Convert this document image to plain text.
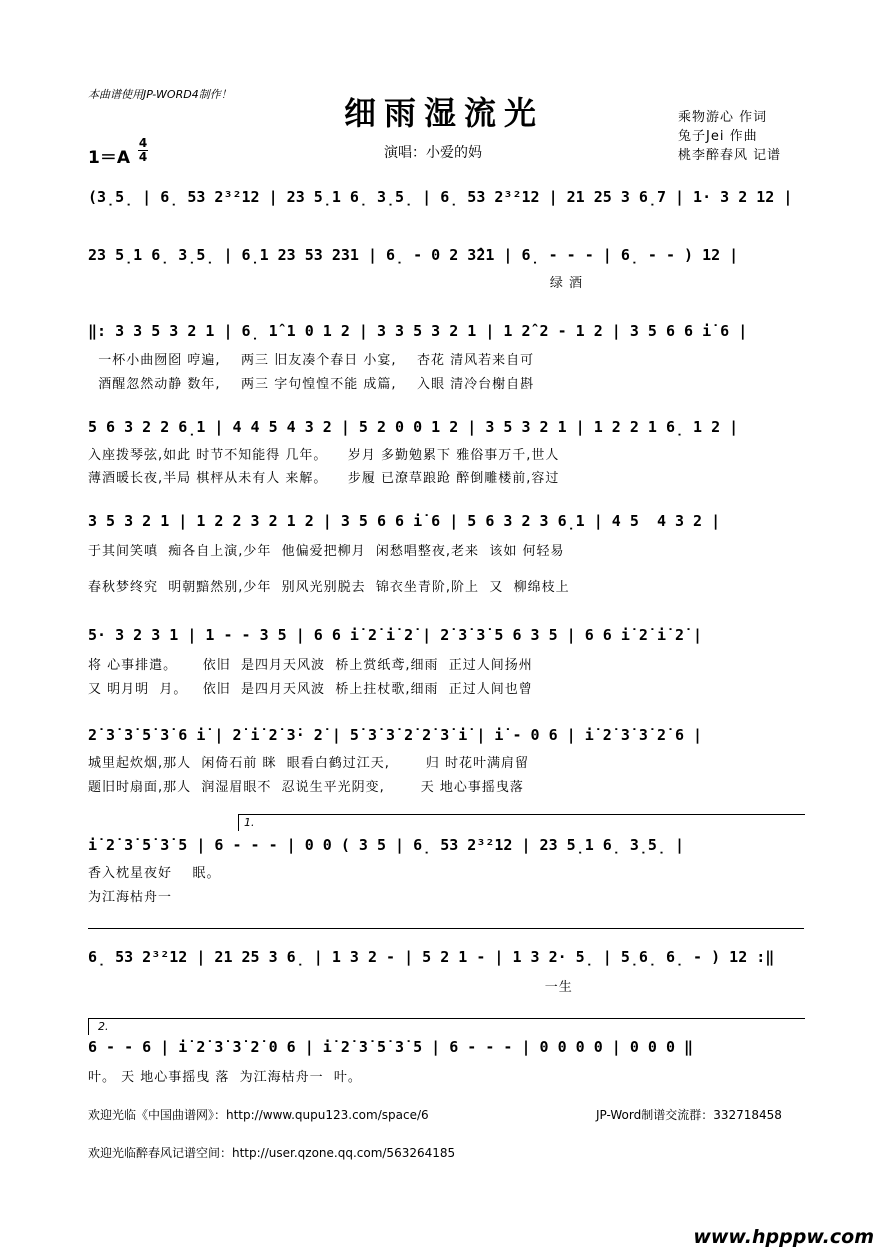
本曲谱使用JP-WORD4制作！	细雨湿流光
1＝A
4
4	演唱：小爱的妈
乘物游心 作词
兔子Jei 作曲
桃李醉春风 记谱
(3̣5̣ | 6̣ 53 2³²12 | 23 5̣1 6̣ 3̣5̣ | 6̣ 53 2³²12 | 21 25 3 6̣7 | 1· 3 2 12 |
23 5̣1 6̣ 3̣5̣ | 6̣1 23 53 231 | 6̣ - 0 2 3̂21 | 6̣ - - - | 6̣ - - ) 12 |
绿 酒
‖: 3 3 5 3 2 1 | 6̣ 1̂ 1 0 1 2 | 3 3 5 3 2 1 | 1 2̂ 2 - 1 2 | 3 5 6 6 i̇ 6 |
一杯小曲囫囵 哼遍,    两三 旧友凑个春日 小宴,    杏花 清风若来自可
酒醒忽然动静 数年,    两三 字句惶惶不能 成篇,    入眼 清冷台榭自斟
5 6 3 2 2 6̣1 | 4 4 5 4 3 2 | 5 2 0 0 1 2 | 3 5 3 2 1 | 1 2 2 1 6̣ 1 2 |
入座拨琴弦,如此 时节不知能得 几年。    岁月 多勤勉累下 雅俗事万千,世人
薄酒暖长夜,半局 棋枰从未有人 来解。    步履 已潦草踉跄 醉倒雕楼前,容过
3 5 3 2 1 | 1 2 2 3 2 1 2 | 3 5 6 6 i̇ 6 | 5 6 3 2 3 6̣1 | 4 5  4 3 2 |
于其间笑嗔  痴各自上演,少年  他偏爱把柳月  闲愁唱整夜,老来  该如 何轻易
春秋梦终究  明朝黯然别,少年  别风光别脱去  锦衣坐青阶,阶上  又  柳绵枝上
5· 3 2 3 1 | 1 - - 3 5 | 6 6 i̇ 2̇ i̇ 2̇ | 2̇ 3̇ 3̇ 5 6 3 5 | 6 6 i̇ 2̇ i̇ 2̇ |
将 心事排遣。     依旧  是四月天风波  桥上赏纸鸢,细雨  正过人间扬州
又 明月明  月。   依旧  是四月天风波  桥上拄杖歌,细雨  正过人间也曾
2̇ 3̇ 3̇ 5̇ 3̇ 6 i̇ | 2̇ i̇ 2̇ 3̇· 2̇ | 5̇ 3̇ 3̇ 2̇ 2̇ 3̇ i̇ | i̇ - 0 6 | i̇ 2̇ 3̇ 3̇ 2̇ 6 |
城里起炊烟,那人  闲倚石前 眯  眼看白鹤过江天,       归 时花叶满肩留
题旧时扇面,那人  润湿眉眼不  忍说生平光阴变,       天 地心事摇曳落
1.
i̇ 2̇ 3̇ 5̇ 3̇ 5 | 6 - - - | 0 0 ( 3 5 | 6̣ 53 2³²12 | 23 5̣1 6̣ 3̣5̣ |
香入枕星夜好    眠。
为江海枯舟一
6̣ 53 2³²12 | 21 25 3 6̣ | 1 3 2 - | 5 2 1 - | 1 3 2· 5̣ | 5̣6̣ 6̣ - ) 12 :‖
一生
2.
6 - - 6 | i̇ 2̇ 3̇ 3̇ 2̇ 0 6 | i̇ 2̇ 3̇ 5̇ 3̇ 5 | 6 - - - | 0 0 0 0 | 0 0 0 ‖
叶。 天 地心事摇曳 落  为江海枯舟一  叶。
欢迎光临《中国曲谱网》：http://www.qupu123.com/space/6	JP-Word制谱交流群：332718458
欢迎光临醉春风记谱空间：http://user.qzone.qq.com/563264185
www.hpppw.com
